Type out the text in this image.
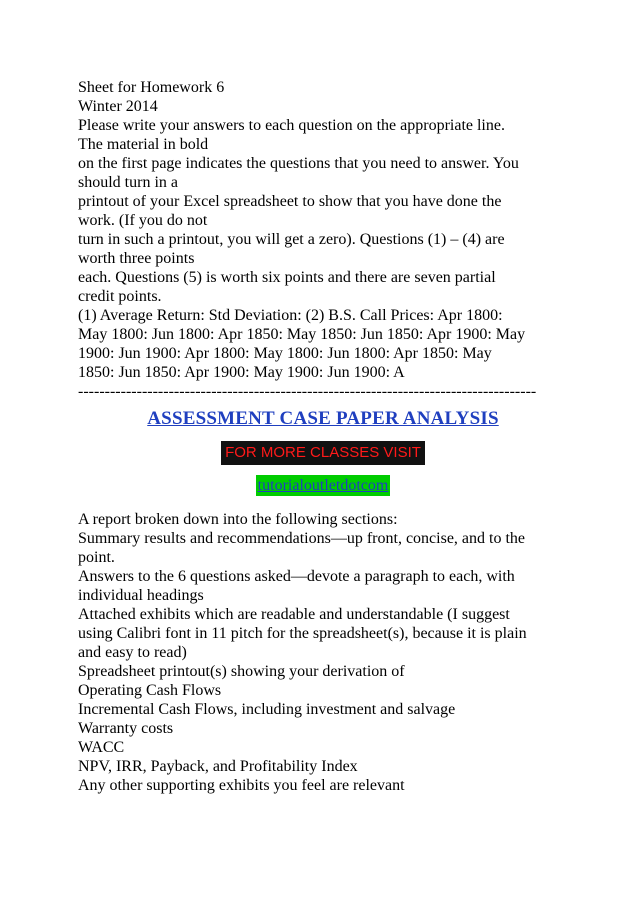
Sheet for Homework 6
Winter 2014
Please write your answers to each question on the appropriate line.
The material in bold
on the first page indicates the questions that you need to answer. You
should turn in a
printout of your Excel spreadsheet to show that you have done the
work. (If you do not
turn in such a printout, you will get a zero). Questions (1) – (4) are
worth three points
each. Questions (5) is worth six points and there are seven partial
credit points.
(1) Average Return: Std Deviation: (2) B.S. Call Prices: Apr 1800:
May 1800: Jun 1800: Apr 1850: May 1850: Jun 1850: Apr 1900: May
1900: Jun 1900: Apr 1800: May 1800: Jun 1800: Apr 1850: May
1850: Jun 1850: Apr 1900: May 1900: Jun 1900: A
--------------------------------------------------------------------------------------
ASSESSMENT CASE PAPER ANALYSIS
FOR MORE CLASSES VISIT
tutorialoutletdotcom
A report broken down into the following sections:
Summary results and recommendations—up front, concise, and to the
point.
Answers to the 6 questions asked—devote a paragraph to each, with
individual headings
Attached exhibits which are readable and understandable (I suggest
using Calibri font in 11 pitch for the spreadsheet(s), because it is plain
and easy to read)
Spreadsheet printout(s) showing your derivation of
Operating Cash Flows
Incremental Cash Flows, including investment and salvage
Warranty costs
WACC
NPV, IRR, Payback, and Profitability Index
Any other supporting exhibits you feel are relevant
